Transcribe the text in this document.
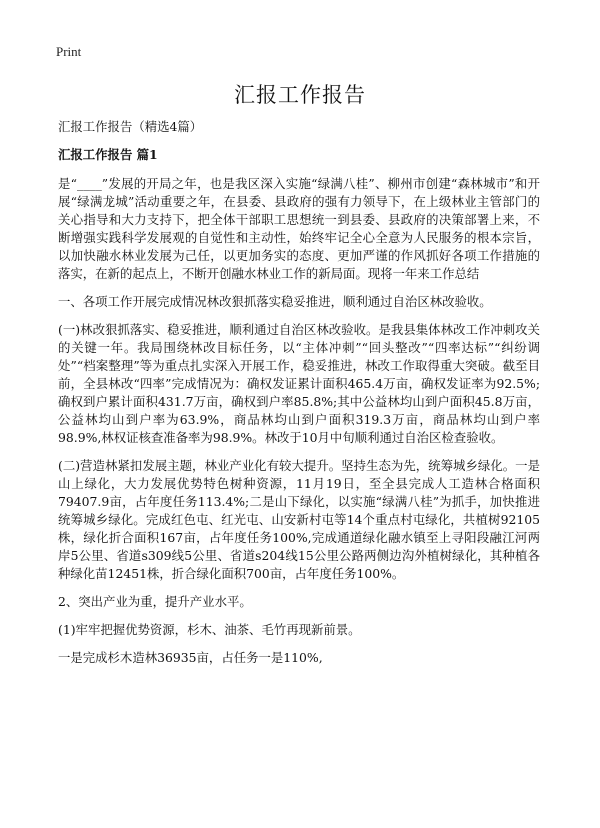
Print
汇报工作报告

汇报工作报告（精选4篇）

汇报工作报告 篇1

是“____”发展的开局之年，也是我区深入实施“绿满八桂”、柳州市创建“森林城市”和开展“绿满龙城”活动重要之年，在县委、县政府的强有力领导下，在上级林业主管部门的关心指导和大力支持下，把全体干部职工思想统一到县委、县政府的决策部署上来，不断增强实践科学发展观的自觉性和主动性，始终牢记全心全意为人民服务的根本宗旨，以加快融水林业发展为己任，以更加务实的态度、更加严谨的作风抓好各项工作措施的落实，在新的起点上，不断开创融水林业工作的新局面。现将一年来工作总结

一、各项工作开展完成情况林改狠抓落实稳妥推进，顺利通过自治区林改验收。

(一)林改狠抓落实、稳妥推进，顺利通过自治区林改验收。是我县集体林改工作冲刺攻关的关键一年。我局围绕林改目标任务，以“主体冲刺”“回头整改”“四率达标”“纠纷调处”“档案整理”等为重点扎实深入开展工作，稳妥推进，林改工作取得重大突破。截至目前，全县林改“四率”完成情况为：确权发证累计面积465.4万亩，确权发证率为92.5%;确权到户累计面积431.7万亩，确权到户率85.8%;其中公益林均山到户面积45.8万亩，公益林均山到户率为63.9%，商品林均山到户面积319.3万亩，商品林均山到户率98.9%,林权证核查准备率为98.9%。林改于10月中旬顺利通过自治区检查验收。

(二)营造林紧扣发展主题，林业产业化有较大提升。坚持生态为先，统筹城乡绿化。一是山上绿化，大力发展优势特色树种资源，11月19日，至全县完成人工造林合格面积79407.9亩，占年度任务113.4%;二是山下绿化，以实施“绿满八桂”为抓手，加快推进统筹城乡绿化。完成红色屯、红光屯、山安新村屯等14个重点村屯绿化，共植树92105株，绿化折合面积167亩，占年度任务100%,完成通道绿化融水镇至上寻阳段融江河两岸5公里、省道s309线5公里、省道s204线15公里公路两侧边沟外植树绿化，其种植各种绿化苗12451株，折合绿化面积700亩，占年度任务100%。

2、突出产业为重，提升产业水平。

(1)牢牢把握优势资源，杉木、油茶、毛竹再现新前景。

一是完成杉木造林36935亩，占任务一是110%,
